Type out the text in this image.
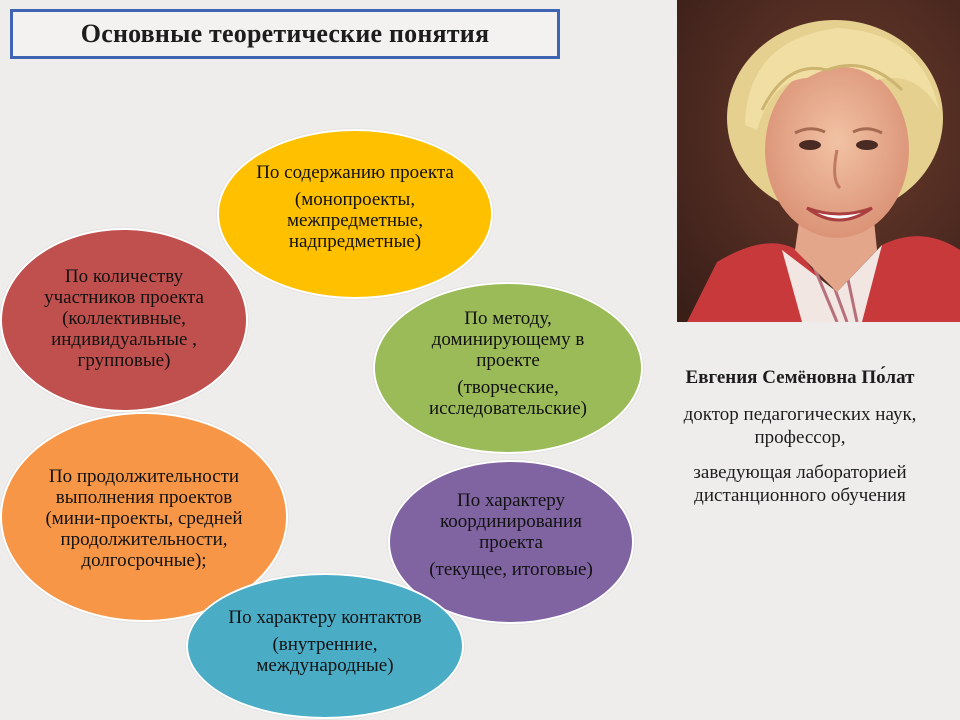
Основные теоретические понятия
По содержанию проекта
(монопроекты, межпредметные, надпредметные)
По количеству участников проекта (коллективные, индивидуальные , групповые)
По методу, доминирующему в проекте
(творческие, исследовательские)
По продолжительности выполнения проектов (мини-проекты, средней продолжительности, долгосрочные);
По характеру координирования проекта
(текущее, итоговые)
По характеру контактов
(внутренние, международные)
Евгения Семёновна По́лат
доктор педагогических наук, профессор,
заведующая лабораторией дистанционного обучения
